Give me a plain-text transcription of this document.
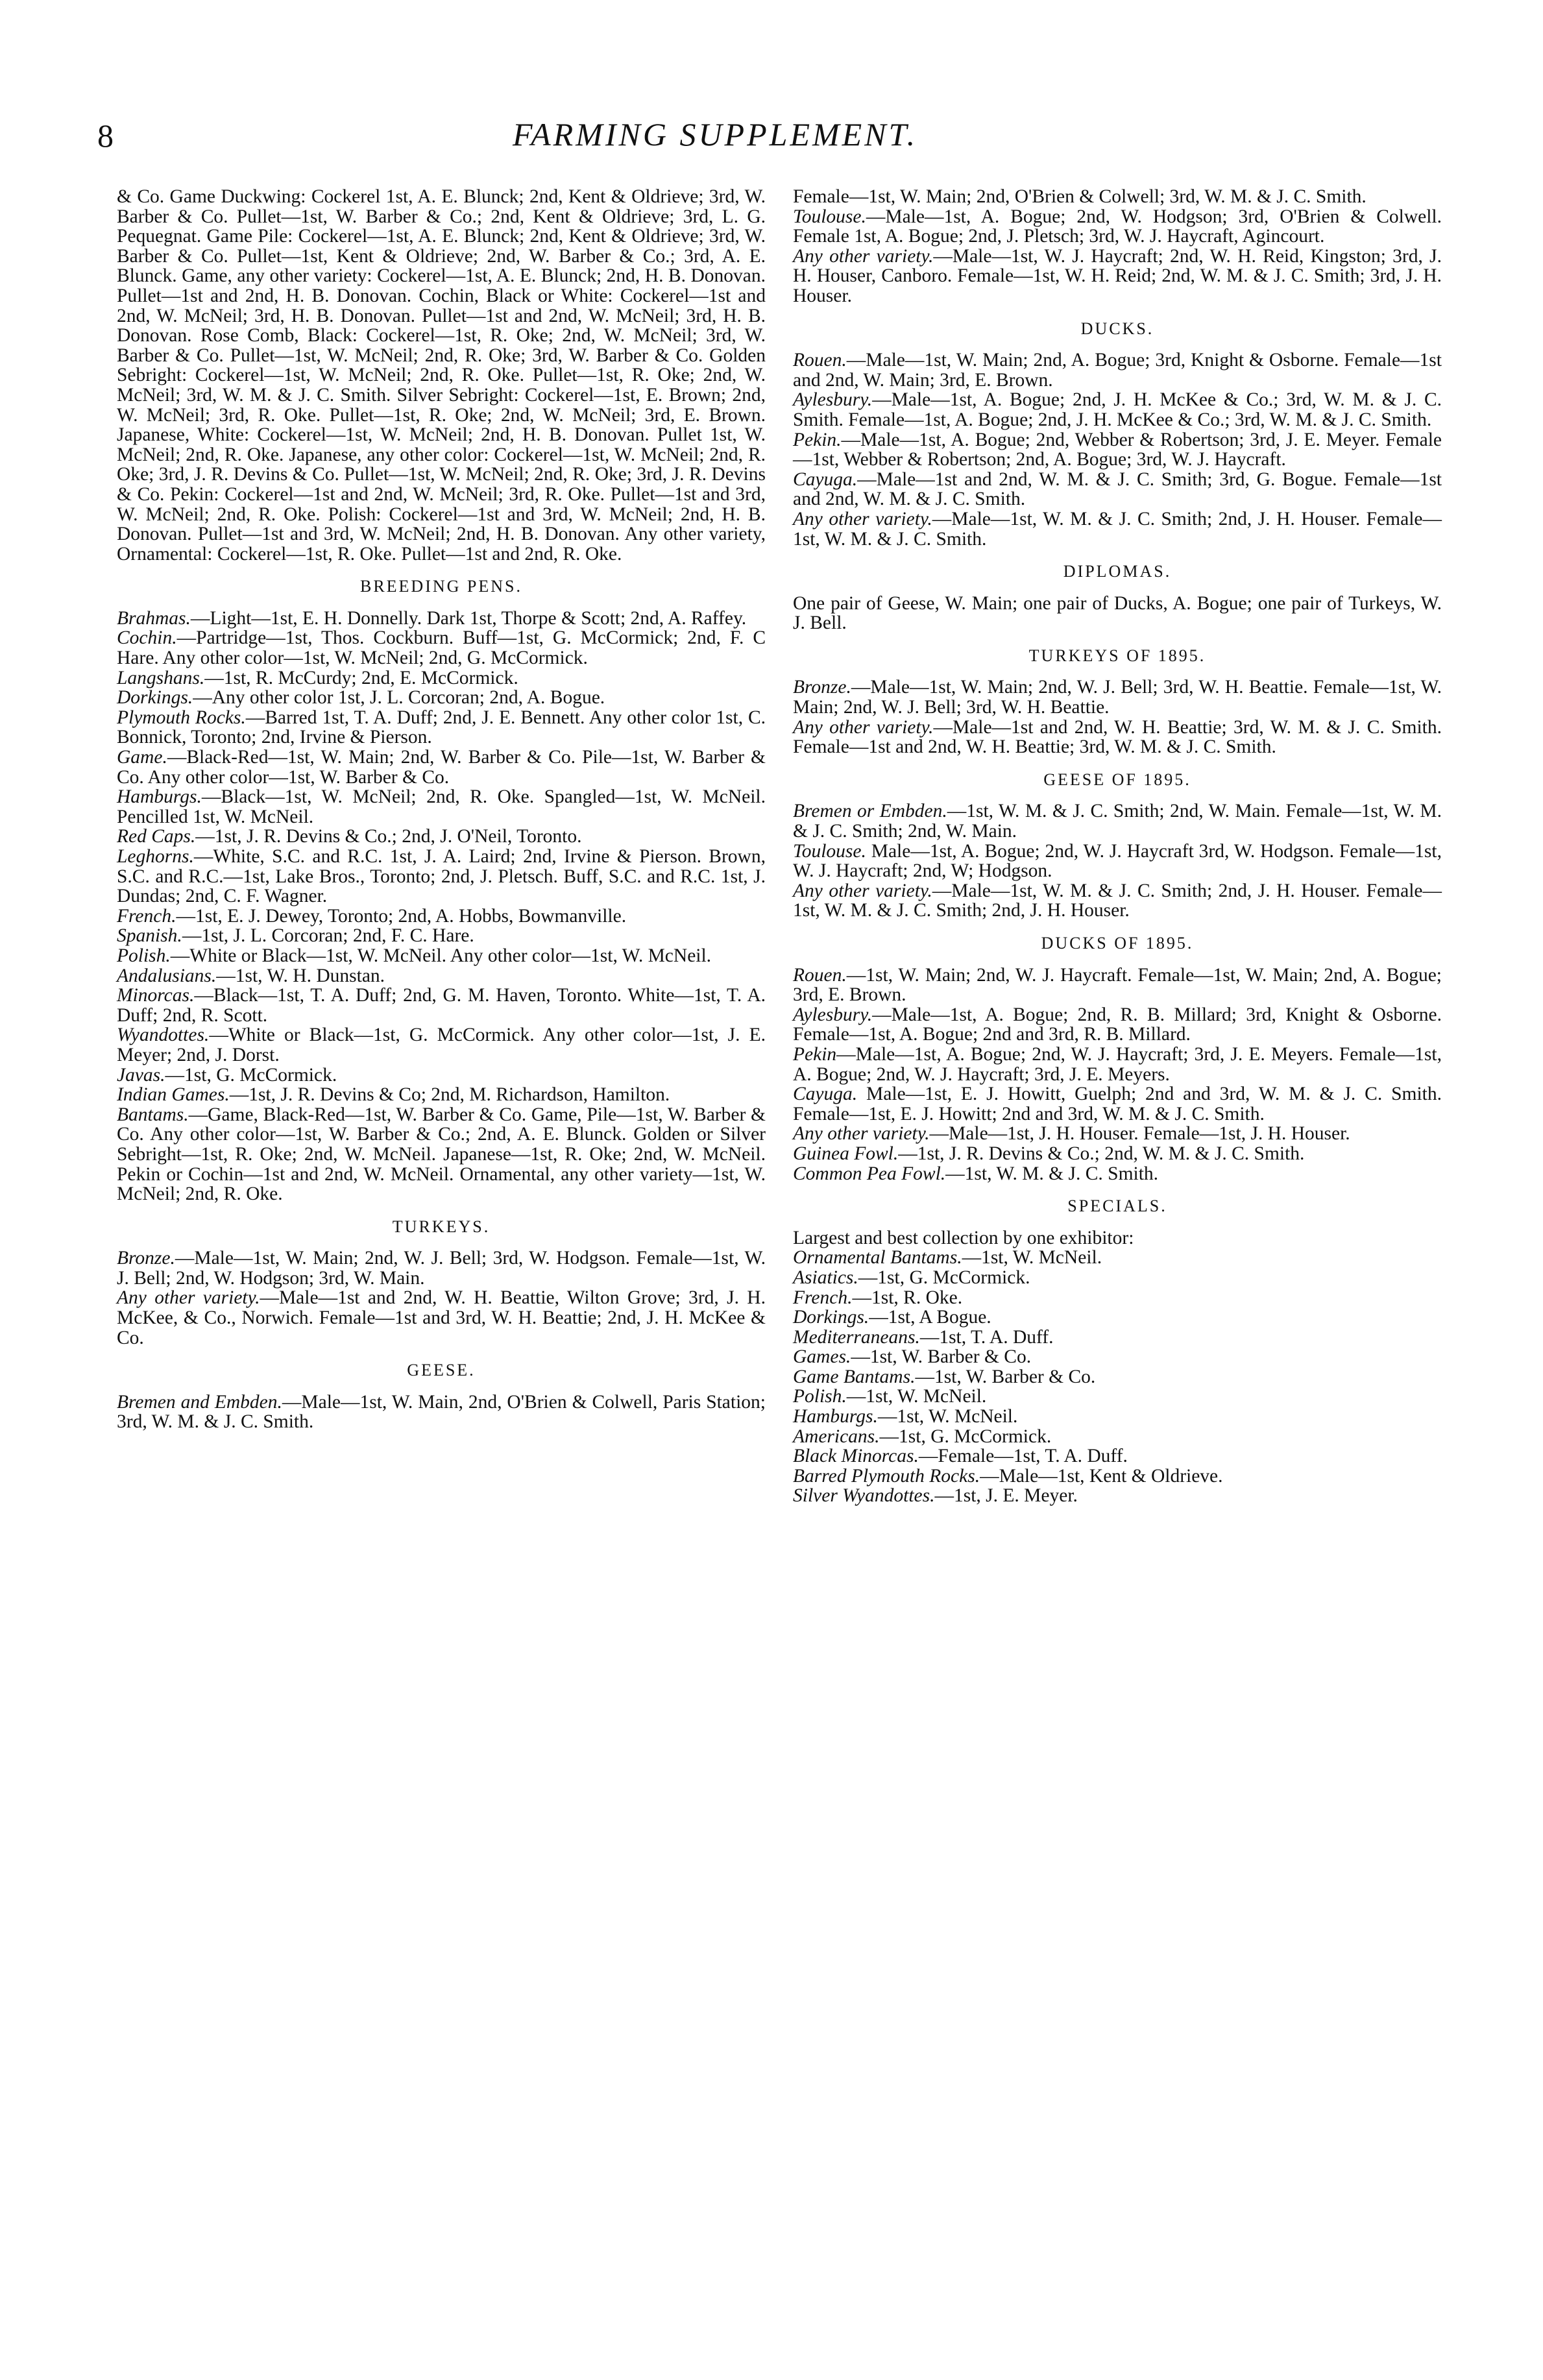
8	FARMING SUPPLEMENT.

& Co. Game Duckwing: Cockerel 1st, A. E. Blunck; 2nd, Kent & Oldrieve; 3rd, W. Barber & Co. Pullet—1st, W. Barber & Co.; 2nd, Kent & Oldrieve; 3rd, L. G. Pequegnat. Game Pile: Cockerel—1st, A. E. Blunck; 2nd, Kent & Oldrieve; 3rd, W. Barber & Co. Pullet—1st, Kent & Oldrieve; 2nd, W. Barber & Co.; 3rd, A. E. Blunck. Game, any other variety: Cockerel—1st, A. E. Blunck; 2nd, H. B. Donovan. Pullet—1st and 2nd, H. B. Donovan. Cochin, Black or White: Cockerel—1st and 2nd, W. McNeil; 3rd, H. B. Donovan. Pullet—1st and 2nd, W. McNeil; 3rd, H. B. Donovan. Rose Comb, Black: Cockerel—1st, R. Oke; 2nd, W. McNeil; 3rd, W. Barber & Co. Pullet—1st, W. McNeil; 2nd, R. Oke; 3rd, W. Barber & Co. Golden Sebright: Cockerel—1st, W. McNeil; 2nd, R. Oke. Pullet—1st, R. Oke; 2nd, W. McNeil; 3rd, W. M. & J. C. Smith. Silver Sebright: Cockerel—1st, E. Brown; 2nd, W. McNeil; 3rd, R. Oke. Pullet—1st, R. Oke; 2nd, W. McNeil; 3rd, E. Brown. Japanese, White: Cockerel—1st, W. McNeil; 2nd, H. B. Donovan. Pullet 1st, W. McNeil; 2nd, R. Oke. Japanese, any other color: Cockerel—1st, W. McNeil; 2nd, R. Oke; 3rd, J. R. Devins & Co. Pullet—1st, W. McNeil; 2nd, R. Oke; 3rd, J. R. Devins & Co. Pekin: Cockerel—1st and 2nd, W. McNeil; 3rd, R. Oke. Pullet—1st and 3rd, W. McNeil; 2nd, R. Oke. Polish: Cockerel—1st and 3rd, W. McNeil; 2nd, H. B. Donovan. Pullet—1st and 3rd, W. McNeil; 2nd, H. B. Donovan. Any other variety, Ornamental: Cockerel—1st, R. Oke. Pullet—1st and 2nd, R. Oke.

BREEDING PENS.

Brahmas.—Light—1st, E. H. Donnelly. Dark 1st, Thorpe & Scott; 2nd, A. Raffey.

Cochin.—Partridge—1st, Thos. Cockburn. Buff—1st, G. McCormick; 2nd, F. C Hare. Any other color—1st, W. McNeil; 2nd, G. McCormick.

Langshans.—1st, R. McCurdy; 2nd, E. McCormick.

Dorkings.—Any other color 1st, J. L. Corcoran; 2nd, A. Bogue.

Plymouth Rocks.—Barred 1st, T. A. Duff; 2nd, J. E. Bennett. Any other color 1st, C. Bonnick, Toronto; 2nd, Irvine & Pierson.

Game.—Black-Red—1st, W. Main; 2nd, W. Barber & Co. Pile—1st, W. Barber & Co. Any other color—1st, W. Barber & Co.

Hamburgs.—Black—1st, W. McNeil; 2nd, R. Oke. Spangled—1st, W. McNeil. Pencilled 1st, W. McNeil.

Red Caps.—1st, J. R. Devins & Co.; 2nd, J. O'Neil, Toronto.

Leghorns.—White, S.C. and R.C. 1st, J. A. Laird; 2nd, Irvine & Pierson. Brown, S.C. and R.C.—1st, Lake Bros., Toronto; 2nd, J. Pletsch. Buff, S.C. and R.C. 1st, J. Dundas; 2nd, C. F. Wagner.

French.—1st, E. J. Dewey, Toronto; 2nd, A. Hobbs, Bowmanville.

Spanish.—1st, J. L. Corcoran; 2nd, F. C. Hare.

Polish.—White or Black—1st, W. McNeil. Any other color—1st, W. McNeil.

Andalusians.—1st, W. H. Dunstan.

Minorcas.—Black—1st, T. A. Duff; 2nd, G. M. Haven, Toronto. White—1st, T. A. Duff; 2nd, R. Scott.

Wyandottes.—White or Black—1st, G. McCormick. Any other color—1st, J. E. Meyer; 2nd, J. Dorst.

Javas.—1st, G. McCormick.

Indian Games.—1st, J. R. Devins & Co; 2nd, M. Richardson, Hamilton.

Bantams.—Game, Black-Red—1st, W. Barber & Co. Game, Pile—1st, W. Barber & Co. Any other color—1st, W. Barber & Co.; 2nd, A. E. Blunck. Golden or Silver Sebright—1st, R. Oke; 2nd, W. McNeil. Japanese—1st, R. Oke; 2nd, W. McNeil. Pekin or Cochin—1st and 2nd, W. McNeil. Ornamental, any other variety—1st, W. McNeil; 2nd, R. Oke.

TURKEYS.

Bronze.—Male—1st, W. Main; 2nd, W. J. Bell; 3rd, W. Hodgson. Female—1st, W. J. Bell; 2nd, W. Hodgson; 3rd, W. Main.

Any other variety.—Male—1st and 2nd, W. H. Beattie, Wilton Grove; 3rd, J. H. McKee, & Co., Norwich. Female—1st and 3rd, W. H. Beattie; 2nd, J. H. McKee & Co.

GEESE.

Bremen and Embden.—Male—1st, W. Main, 2nd, O'Brien & Colwell, Paris Station; 3rd, W. M. & J. C. Smith.

Female—1st, W. Main; 2nd, O'Brien & Colwell; 3rd, W. M. & J. C. Smith.

Toulouse.—Male—1st, A. Bogue; 2nd, W. Hodgson; 3rd, O'Brien & Colwell. Female 1st, A. Bogue; 2nd, J. Pletsch; 3rd, W. J. Haycraft, Agincourt.

Any other variety.—Male—1st, W. J. Haycraft; 2nd, W. H. Reid, Kingston; 3rd, J. H. Houser, Canboro. Female—1st, W. H. Reid; 2nd, W. M. & J. C. Smith; 3rd, J. H. Houser.

DUCKS.

Rouen.—Male—1st, W. Main; 2nd, A. Bogue; 3rd, Knight & Osborne. Female—1st and 2nd, W. Main; 3rd, E. Brown.

Aylesbury.—Male—1st, A. Bogue; 2nd, J. H. McKee & Co.; 3rd, W. M. & J. C. Smith. Female—1st, A. Bogue; 2nd, J. H. McKee & Co.; 3rd, W. M. & J. C. Smith.

Pekin.—Male—1st, A. Bogue; 2nd, Webber & Robertson; 3rd, J. E. Meyer. Female—1st, Webber & Robertson; 2nd, A. Bogue; 3rd, W. J. Haycraft.

Cayuga.—Male—1st and 2nd, W. M. & J. C. Smith; 3rd, G. Bogue. Female—1st and 2nd, W. M. & J. C. Smith.

Any other variety.—Male—1st, W. M. & J. C. Smith; 2nd, J. H. Houser. Female—1st, W. M. & J. C. Smith.

DIPLOMAS.

One pair of Geese, W. Main; one pair of Ducks, A. Bogue; one pair of Turkeys, W. J. Bell.

TURKEYS OF 1895.

Bronze.—Male—1st, W. Main; 2nd, W. J. Bell; 3rd, W. H. Beattie. Female—1st, W. Main; 2nd, W. J. Bell; 3rd, W. H. Beattie.

Any other variety.—Male—1st and 2nd, W. H. Beattie; 3rd, W. M. & J. C. Smith. Female—1st and 2nd, W. H. Beattie; 3rd, W. M. & J. C. Smith.

GEESE OF 1895.

Bremen or Embden.—1st, W. M. & J. C. Smith; 2nd, W. Main. Female—1st, W. M. & J. C. Smith; 2nd, W. Main.

Toulouse. Male—1st, A. Bogue; 2nd, W. J. Haycraft 3rd, W. Hodgson. Female—1st, W. J. Haycraft; 2nd, W; Hodgson.

Any other variety.—Male—1st, W. M. & J. C. Smith; 2nd, J. H. Houser. Female—1st, W. M. & J. C. Smith; 2nd, J. H. Houser.

DUCKS OF 1895.

Rouen.—1st, W. Main; 2nd, W. J. Haycraft. Female—1st, W. Main; 2nd, A. Bogue; 3rd, E. Brown.

Aylesbury.—Male—1st, A. Bogue; 2nd, R. B. Millard; 3rd, Knight & Osborne. Female—1st, A. Bogue; 2nd and 3rd, R. B. Millard.

Pekin—Male—1st, A. Bogue; 2nd, W. J. Haycraft; 3rd, J. E. Meyers. Female—1st, A. Bogue; 2nd, W. J. Haycraft; 3rd, J. E. Meyers.

Cayuga. Male—1st, E. J. Howitt, Guelph; 2nd and 3rd, W. M. & J. C. Smith. Female—1st, E. J. Howitt; 2nd and 3rd, W. M. & J. C. Smith.

Any other variety.—Male—1st, J. H. Houser. Female—1st, J. H. Houser.

Guinea Fowl.—1st, J. R. Devins & Co.; 2nd, W. M. & J. C. Smith.

Common Pea Fowl.—1st, W. M. & J. C. Smith.

SPECIALS.

Largest and best collection by one exhibitor:

Ornamental Bantams.—1st, W. McNeil.

Asiatics.—1st, G. McCormick.

French.—1st, R. Oke.

Dorkings.—1st, A Bogue.

Mediterraneans.—1st, T. A. Duff.

Games.—1st, W. Barber & Co.

Game Bantams.—1st, W. Barber & Co.

Polish.—1st, W. McNeil.

Hamburgs.—1st, W. McNeil.

Americans.—1st, G. McCormick.

Black Minorcas.—Female—1st, T. A. Duff.

Barred Plymouth Rocks.—Male—1st, Kent & Oldrieve.

Silver Wyandottes.—1st, J. E. Meyer.
